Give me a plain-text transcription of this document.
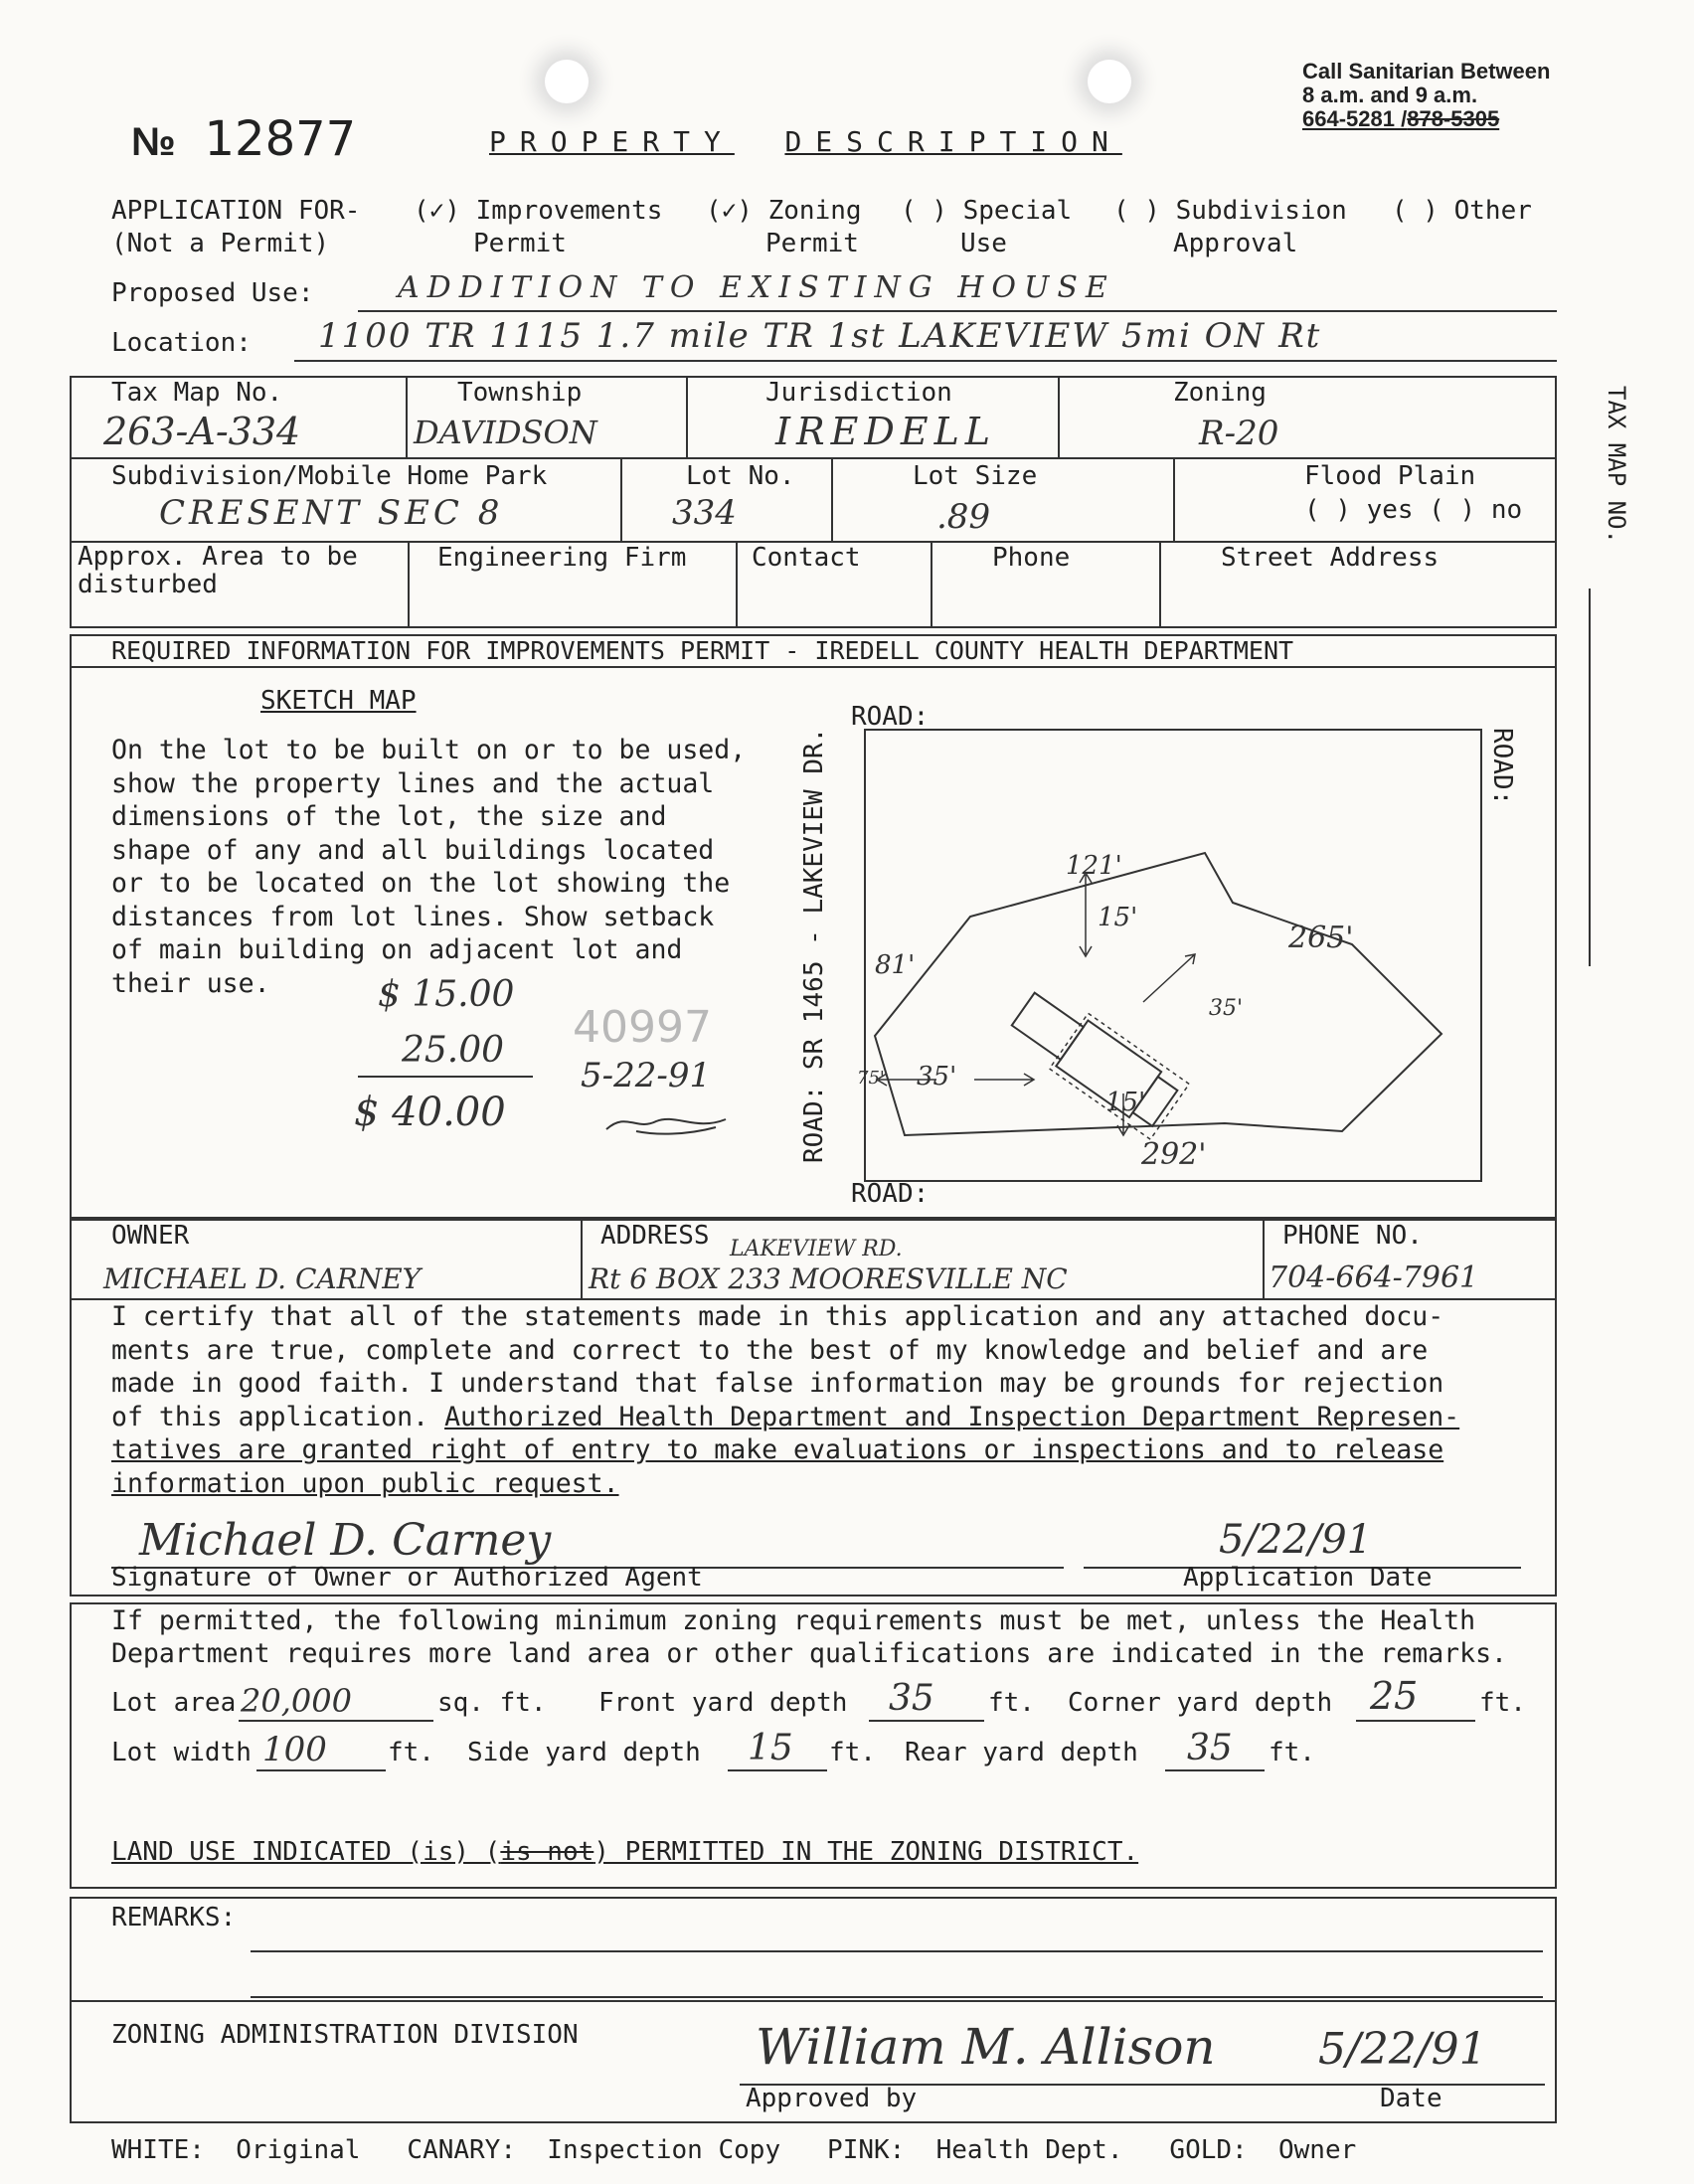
№ 12877	PROPERTY DESCRIPTION
Call Sanitarian Between
8 a.m. and 9 a.m.
664-5281 /878-5305
APPLICATION FOR-
(Not a Permit)
(✓) Improvements
Permit
(✓) Zoning
Permit
( ) Special
Use
( ) Subdivision
Approval
( ) Other
Proposed Use:	ADDITION TO EXISTING HOUSE
Location: 1100 TR 1115 1.7 mile TR 1st LAKEVIEW 5mi ON Rt
Tax Map No.
263-A-334
Township
DAVIDSON
Jurisdiction
IREDELL
Zoning
R-20
Subdivision/Mobile Home Park
CRESENT SEC 8
Lot No.
334
Lot Size
.89
Flood Plain
( ) yes ( ) no
Approx. Area to be
disturbed
Engineering Firm	Contact	Phone	Street Address
TAX MAP NO.
REQUIRED INFORMATION FOR IMPROVEMENTS PERMIT - IREDELL COUNTY HEALTH DEPARTMENT
SKETCH MAP
On the lot to be built on or to be used,
show the property lines and the actual
dimensions of the lot, the size and
shape of any and all buildings located
or to be located on the lot showing the
distances from lot lines. Show setback
of main building on adjacent lot and
their use.	$ 15.00
25.00
$ 40.00
40997
5-22-91
ROAD:
ROAD:
ROAD:
ROAD: SR 1465 - LAKEVIEW DR.	121'
15'
265'
81'
35'
75' 35'
15'
292'
OWNER
MICHAEL D. CARNEY
ADDRESS LAKEVIEW RD.
Rt 6 BOX 233 MOORESVILLE NC
PHONE NO.
704-664-7961
I certify that all of the statements made in this application and any attached docu-
ments are true, complete and correct to the best of my knowledge and belief and are
made in good faith. I understand that false information may be grounds for rejection
of this application. Authorized Health Department and Inspection Department Represen-
tatives are granted right of entry to make evaluations or inspections and to release
information upon public request.
Michael D. Carney
Signature of Owner or Authorized Agent
5/22/91
Application Date
If permitted, the following minimum zoning requirements must be met, unless the Health
Department requires more land area or other qualifications are indicated in the remarks.
Lot area 20,000	sq. ft. Front yard depth 35 ft. Corner yard depth 25 ft.
Lot width 100 ft. Side yard depth 15 ft. Rear yard depth 35 ft.
LAND USE INDICATED (is) (is not) PERMITTED IN THE ZONING DISTRICT.
REMARKS:
ZONING ADMINISTRATION DIVISION	William M. Allison 5/22/91
Approved by	Date
WHITE:  Original   CANARY:  Inspection Copy   PINK:  Health Dept.   GOLD:  Owner
